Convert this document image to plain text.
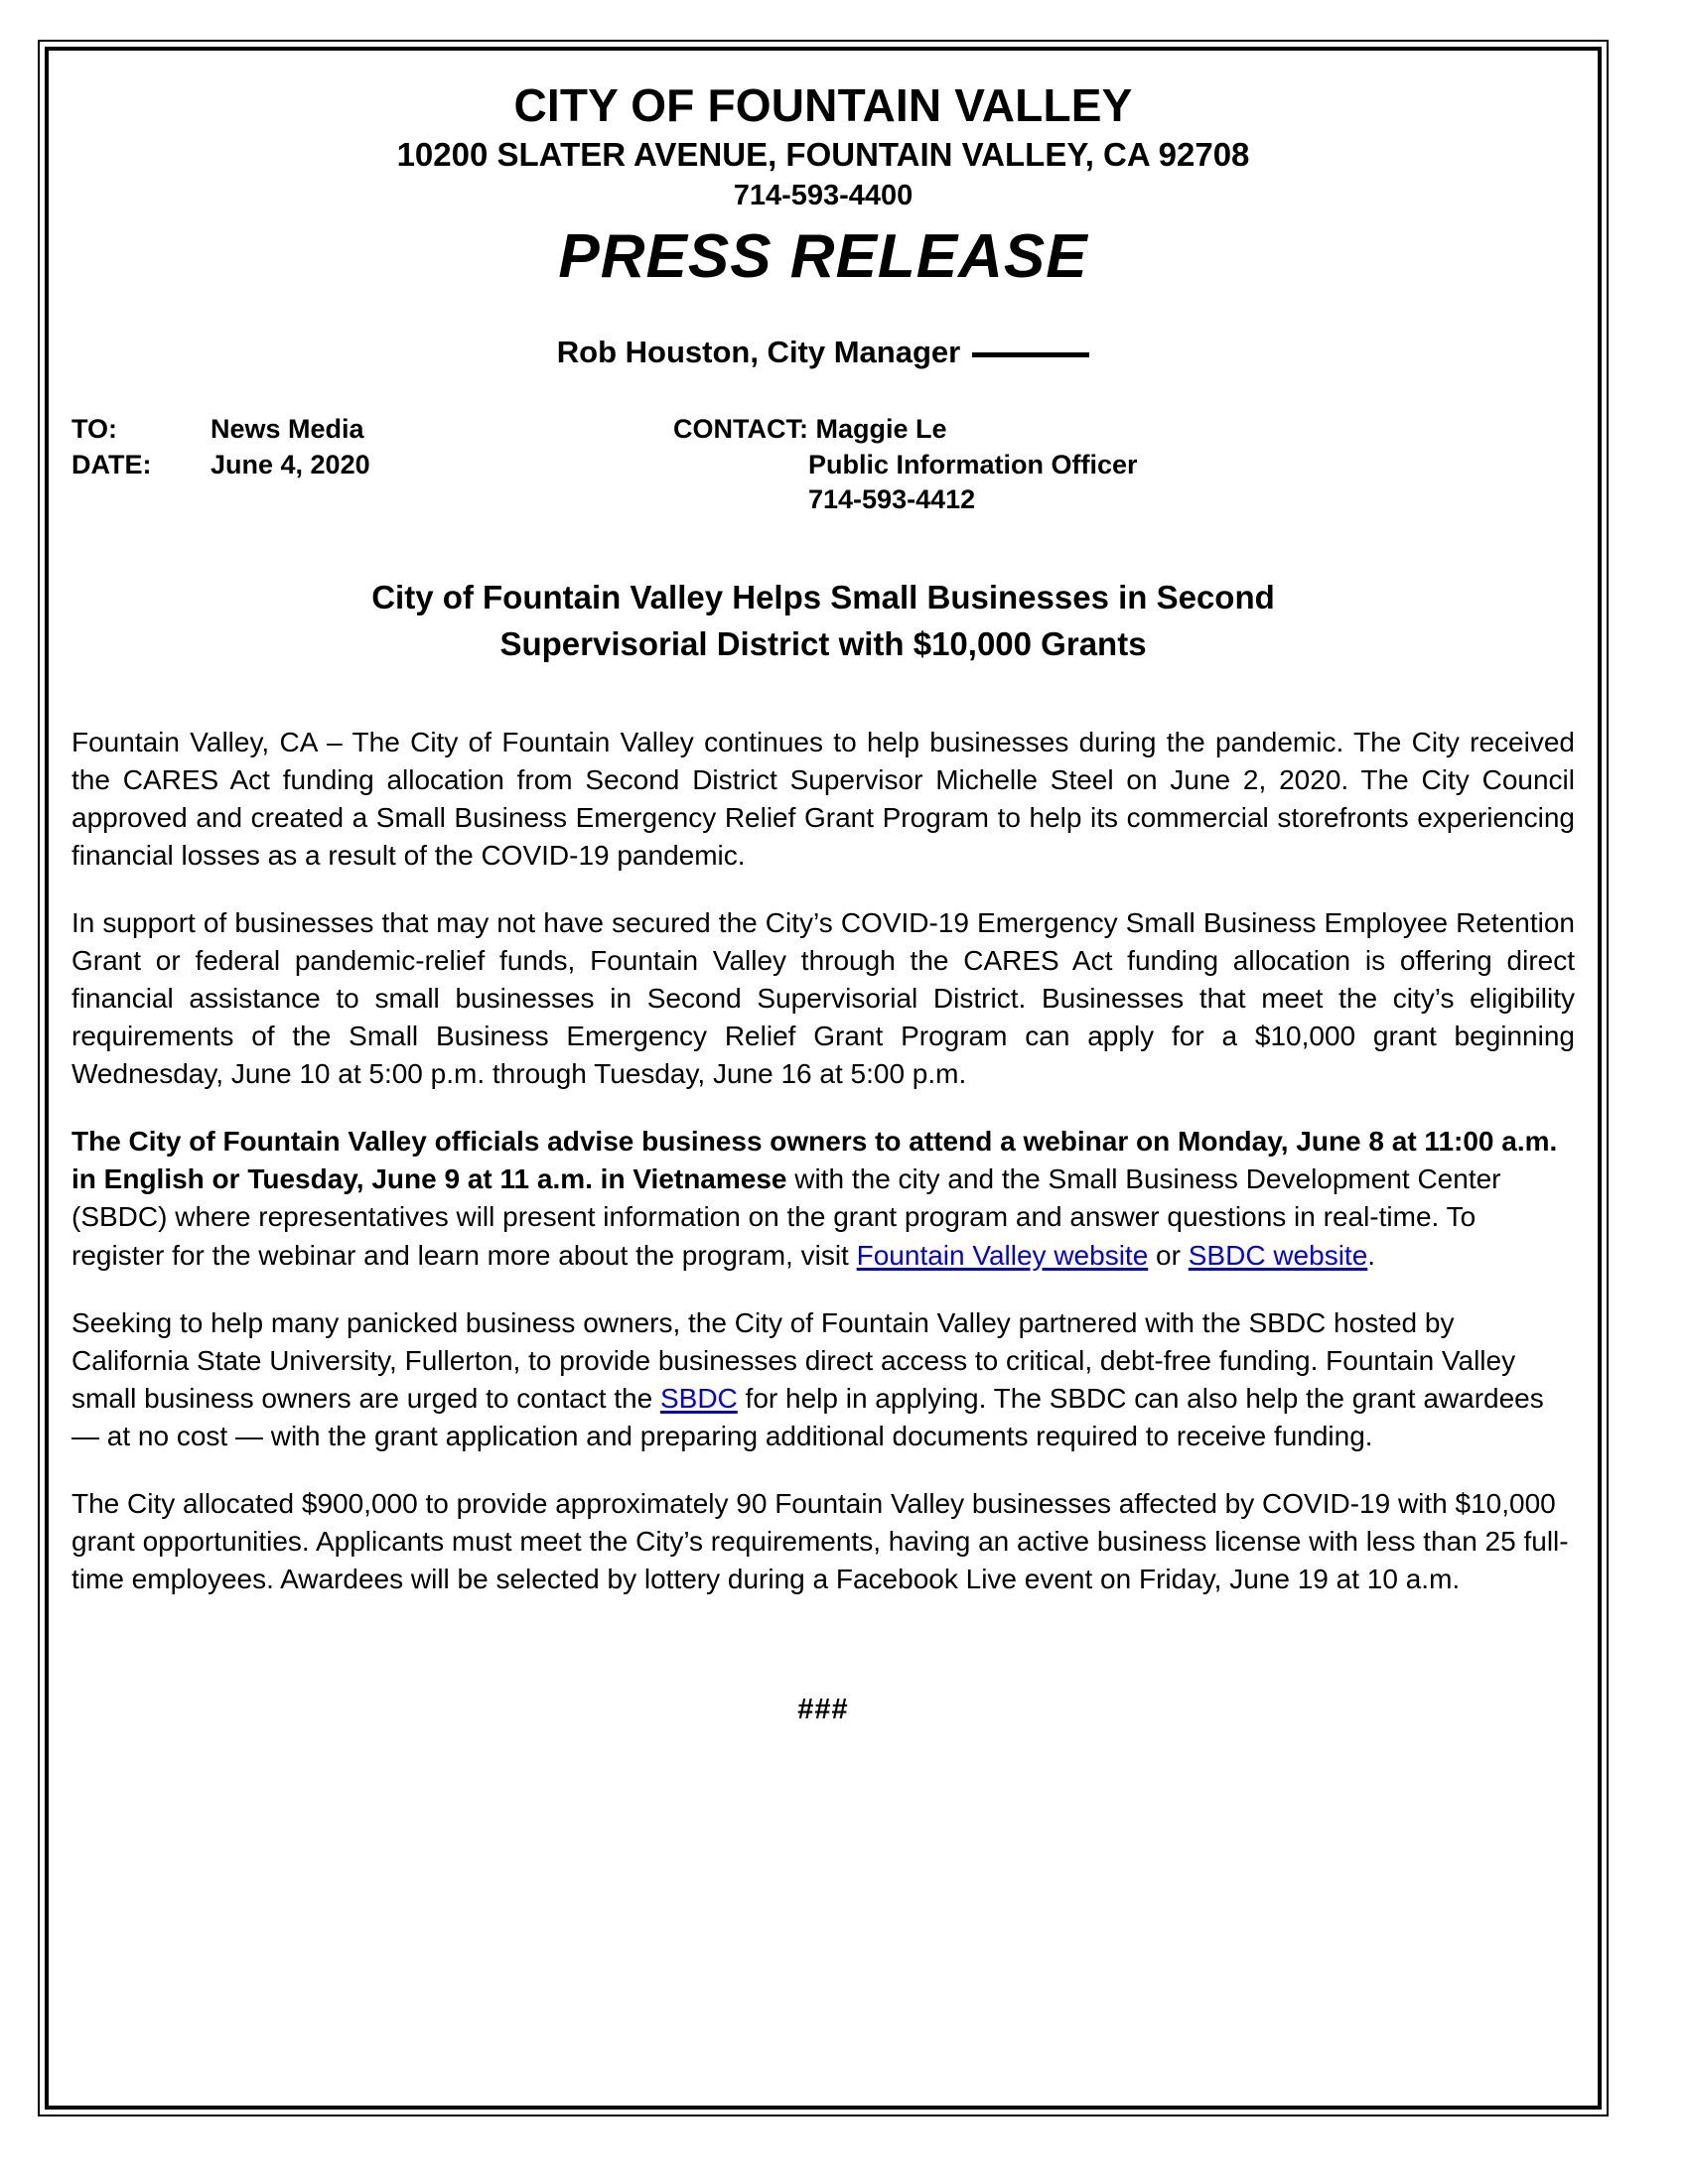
CITY OF FOUNTAIN VALLEY
10200 SLATER AVENUE, FOUNTAIN VALLEY, CA 92708
714-593-4400
PRESS RELEASE
Rob Houston, City Manager
TO:	News Media
DATE: June 4, 2020
CONTACT: Maggie Le
Public Information Officer
714-593-4412
City of Fountain Valley Helps Small Businesses in Second
Supervisorial District with $10,000 Grants

Fountain Valley, CA – The City of Fountain Valley continues to help businesses during the pandemic. The City received the CARES Act funding allocation from Second District Supervisor Michelle Steel on June 2, 2020. The City Council approved and created a Small Business Emergency Relief Grant Program to help its commercial storefronts experiencing financial losses as a result of the COVID-19 pandemic.

In support of businesses that may not have secured the City’s COVID-19 Emergency Small Business Employee Retention Grant or federal pandemic-relief funds, Fountain Valley through the CARES Act funding allocation is offering direct financial assistance to small businesses in Second Supervisorial District. Businesses that meet the city’s eligibility requirements of the Small Business Emergency Relief Grant Program can apply for a $10,000 grant beginning Wednesday, June 10 at 5:00 p.m. through Tuesday, June 16 at 5:00 p.m.

The City of Fountain Valley officials advise business owners to attend a webinar on Monday, June 8 at 11:00 a.m. in English or Tuesday, June 9 at 11 a.m. in Vietnamese with the city and the Small Business Development Center (SBDC) where representatives will present information on the grant program and answer questions in real-time. To register for the webinar and learn more about the program, visit Fountain Valley website or SBDC website.

Seeking to help many panicked business owners, the City of Fountain Valley partnered with the SBDC hosted by California State University, Fullerton, to provide businesses direct access to critical, debt-free funding. Fountain Valley small business owners are urged to contact the SBDC for help in applying. The SBDC can also help the grant awardees — at no cost — with the grant application and preparing additional documents required to receive funding.

The City allocated $900,000 to provide approximately 90 Fountain Valley businesses affected by COVID-19 with $10,000 grant opportunities. Applicants must meet the City’s requirements, having an active business license with less than 25 full-time employees. Awardees will be selected by lottery during a Facebook Live event on Friday, June 19 at 10 a.m.

###
